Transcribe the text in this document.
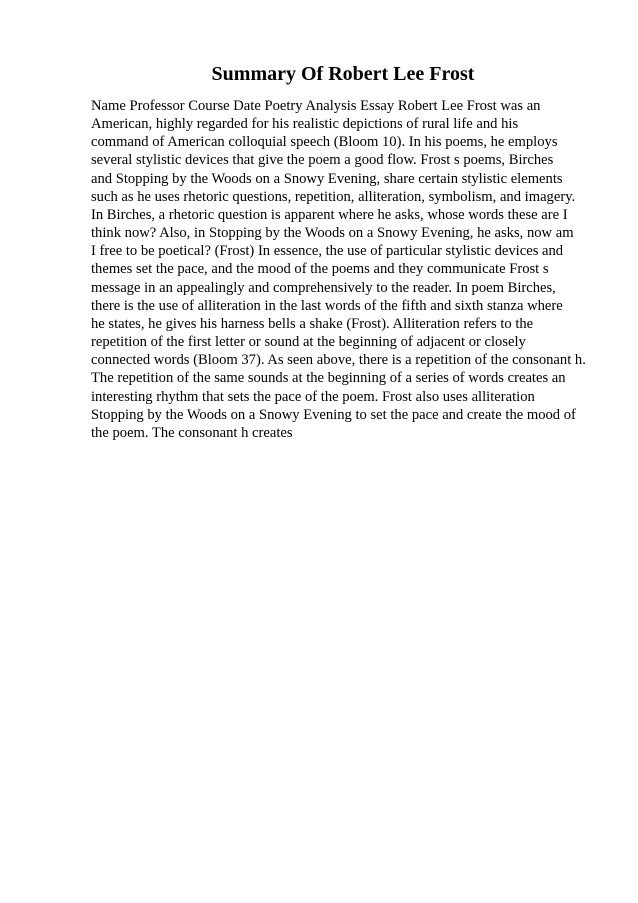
Summary Of Robert Lee Frost
Name Professor Course Date Poetry Analysis Essay Robert Lee Frost was an
American, highly regarded for his realistic depictions of rural life and his
command of American colloquial speech (Bloom 10). In his poems, he employs
several stylistic devices that give the poem a good flow. Frost s poems, Birches
and Stopping by the Woods on a Snowy Evening, share certain stylistic elements
such as he uses rhetoric questions, repetition, alliteration, symbolism, and imagery.
In Birches, a rhetoric question is apparent where he asks, whose words these are I
think now? Also, in Stopping by the Woods on a Snowy Evening, he asks, now am
I free to be poetical? (Frost) In essence, the use of particular stylistic devices and
themes set the pace, and the mood of the poems and they communicate Frost s
message in an appealingly and comprehensively to the reader. In poem Birches,
there is the use of alliteration in the last words of the fifth and sixth stanza where
he states, he gives his harness bells a shake (Frost). Alliteration refers to the
repetition of the first letter or sound at the beginning of adjacent or closely
connected words (Bloom 37). As seen above, there is a repetition of the consonant h.
The repetition of the same sounds at the beginning of a series of words creates an
interesting rhythm that sets the pace of the poem. Frost also uses alliteration
Stopping by the Woods on a Snowy Evening to set the pace and create the mood of
the poem. The consonant h creates
